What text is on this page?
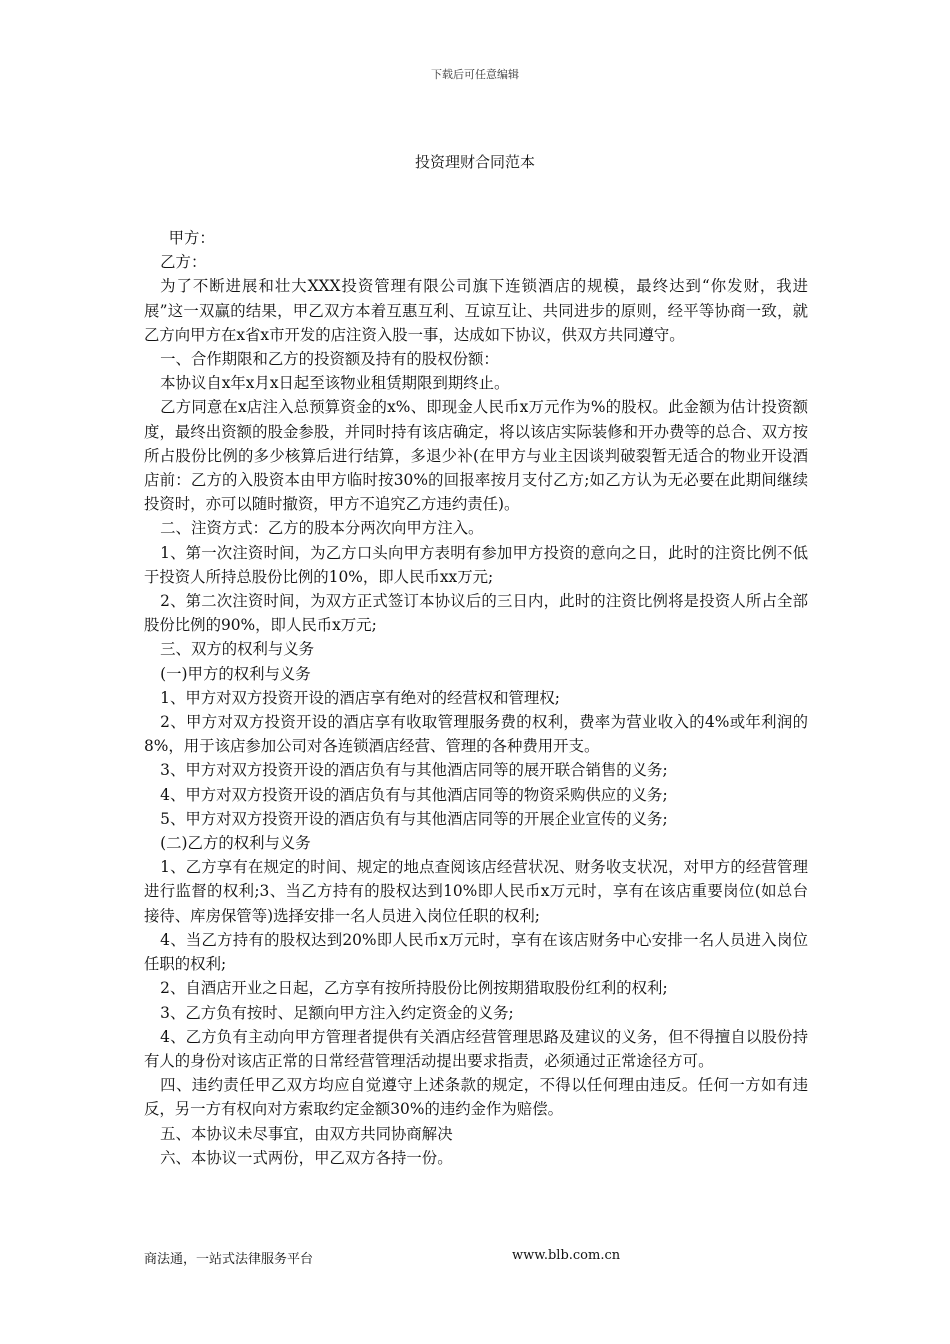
下载后可任意编辑
投资理财合同范本

甲方：

乙方：

为了不断进展和壮大XXX投资管理有限公司旗下连锁酒店的规模，最终达到“你发财，我进展”这一双赢的结果，甲乙双方本着互惠互利、互谅互让、共同进步的原则，经平等协商一致，就乙方向甲方在x省x市开发的店注资入股一事，达成如下协议，供双方共同遵守。

一、合作期限和乙方的投资额及持有的股权份额：

本协议自x年x月x日起至该物业租赁期限到期终止。

乙方同意在x店注入总预算资金的x%、即现金人民币x万元作为%的股权。此金额为估计投资额度，最终出资额的股金参股，并同时持有该店确定，将以该店实际装修和开办费等的总合、双方按所占股份比例的多少核算后进行结算，多退少补(在甲方与业主因谈判破裂暂无适合的物业开设酒店前：乙方的入股资本由甲方临时按30%的回报率按月支付乙方;如乙方认为无必要在此期间继续投资时，亦可以随时撤资，甲方不追究乙方违约责任)。

二、注资方式：乙方的股本分两次向甲方注入。

1、第一次注资时间，为乙方口头向甲方表明有参加甲方投资的意向之日，此时的注资比例不低于投资人所持总股份比例的10%，即人民币xx万元;

2、第二次注资时间，为双方正式签订本协议后的三日内，此时的注资比例将是投资人所占全部股份比例的90%，即人民币x万元;

三、双方的权利与义务

(一)甲方的权利与义务

1、甲方对双方投资开设的酒店享有绝对的经营权和管理权;

2、甲方对双方投资开设的酒店享有收取管理服务费的权利，费率为营业收入的4%或年利润的8%，用于该店参加公司对各连锁酒店经营、管理的各种费用开支。

3、甲方对双方投资开设的酒店负有与其他酒店同等的展开联合销售的义务;

4、甲方对双方投资开设的酒店负有与其他酒店同等的物资采购供应的义务;

5、甲方对双方投资开设的酒店负有与其他酒店同等的开展企业宣传的义务;

(二)乙方的权利与义务

1、乙方享有在规定的时间、规定的地点查阅该店经营状况、财务收支状况，对甲方的经营管理进行监督的权利;3、当乙方持有的股权达到10%即人民币x万元时，享有在该店重要岗位(如总台接待、库房保管等)选择安排一名人员进入岗位任职的权利;

4、当乙方持有的股权达到20%即人民币x万元时，享有在该店财务中心安排一名人员进入岗位任职的权利;

2、自酒店开业之日起，乙方享有按所持股份比例按期猎取股份红利的权利;

3、乙方负有按时、足额向甲方注入约定资金的义务;

4、乙方负有主动向甲方管理者提供有关酒店经营管理思路及建议的义务，但不得擅自以股份持有人的身份对该店正常的日常经营管理活动提出要求指责，必须通过正常途径方可。

四、违约责任甲乙双方均应自觉遵守上述条款的规定，不得以任何理由违反。任何一方如有违反，另一方有权向对方索取约定金额30%的违约金作为赔偿。

五、本协议未尽事宜，由双方共同协商解决

六、本协议一式两份，甲乙双方各持一份。

商法通，一站式法律服务平台	www.blb.com.cn
